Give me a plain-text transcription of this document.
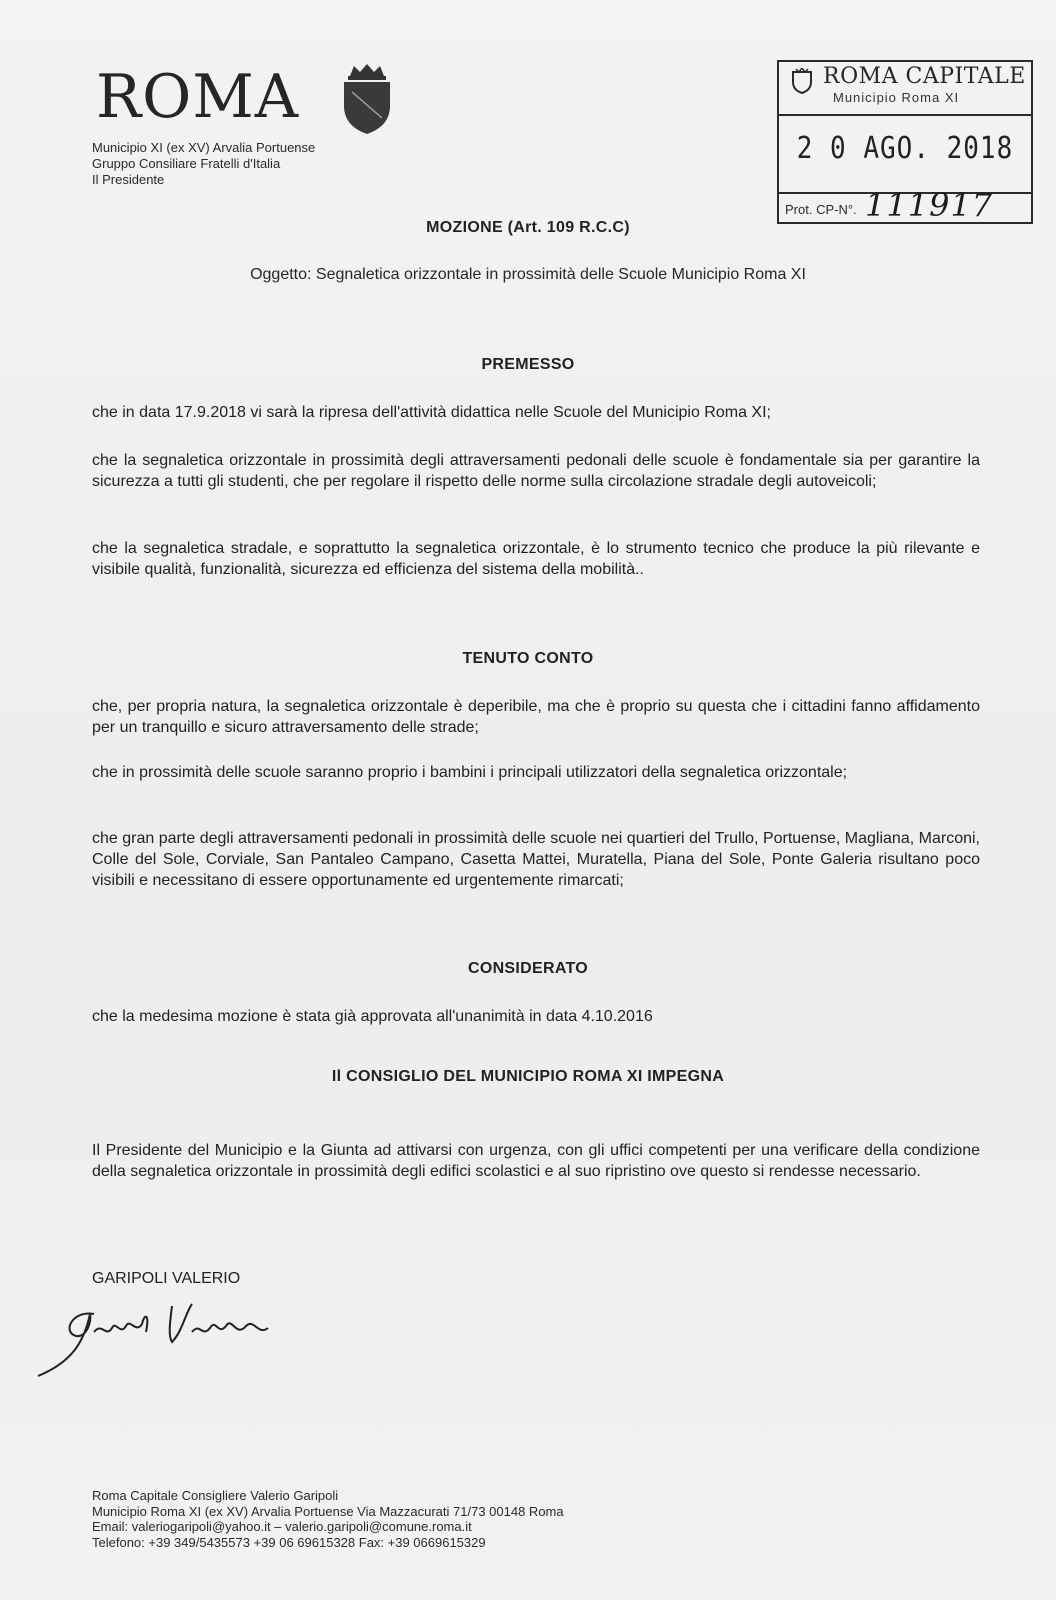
ROMA
Municipio XI (ex XV) Arvalia Portuense
Gruppo Consiliare Fratelli d'Italia
Il Presidente
ROMA CAPITALE
Municipio Roma XI
2 0 AGO. 2018
Prot. CP-N°. 111917
MOZIONE (Art. 109 R.C.C)
Oggetto: Segnaletica orizzontale in prossimità delle Scuole Municipio Roma XI
PREMESSO
che in data 17.9.2018 vi sarà la ripresa dell'attività didattica nelle Scuole del Municipio Roma XI;
che la segnaletica orizzontale in prossimità degli attraversamenti pedonali delle scuole è fondamentale sia per garantire la sicurezza a tutti gli studenti, che per regolare il rispetto delle norme sulla circolazione stradale degli autoveicoli;
che la segnaletica stradale, e soprattutto la segnaletica orizzontale, è lo strumento tecnico che produce la più rilevante e visibile qualità, funzionalità, sicurezza ed efficienza del sistema della mobilità..
TENUTO CONTO
che, per propria natura, la segnaletica orizzontale è deperibile, ma che è proprio su questa che i cittadini fanno affidamento per un tranquillo e sicuro attraversamento delle strade;
che in prossimità delle scuole saranno proprio i bambini i principali utilizzatori della segnaletica orizzontale;
che gran parte degli attraversamenti pedonali in prossimità delle scuole nei quartieri del Trullo, Portuense, Magliana, Marconi, Colle del Sole, Corviale, San Pantaleo Campano, Casetta Mattei, Muratella, Piana del Sole, Ponte Galeria risultano poco visibili e necessitano di essere opportunamente ed urgentemente rimarcati;
CONSIDERATO
che la medesima mozione è stata già approvata all'unanimità in data 4.10.2016
Il CONSIGLIO DEL MUNICIPIO ROMA XI IMPEGNA
Il Presidente del Municipio e la Giunta ad attivarsi con urgenza, con gli uffici competenti per una verificare della condizione della segnaletica orizzontale in prossimità degli edifici scolastici e al suo ripristino ove questo si rendesse necessario.
GARIPOLI VALERIO
Roma Capitale Consigliere Valerio Garipoli
Municipio Roma XI (ex XV) Arvalia Portuense Via Mazzacurati 71/73 00148 Roma
Email: valeriogaripoli@yahoo.it – valerio.garipoli@comune.roma.it
Telefono: +39 349/5435573 +39 06 69615328 Fax: +39 0669615329
